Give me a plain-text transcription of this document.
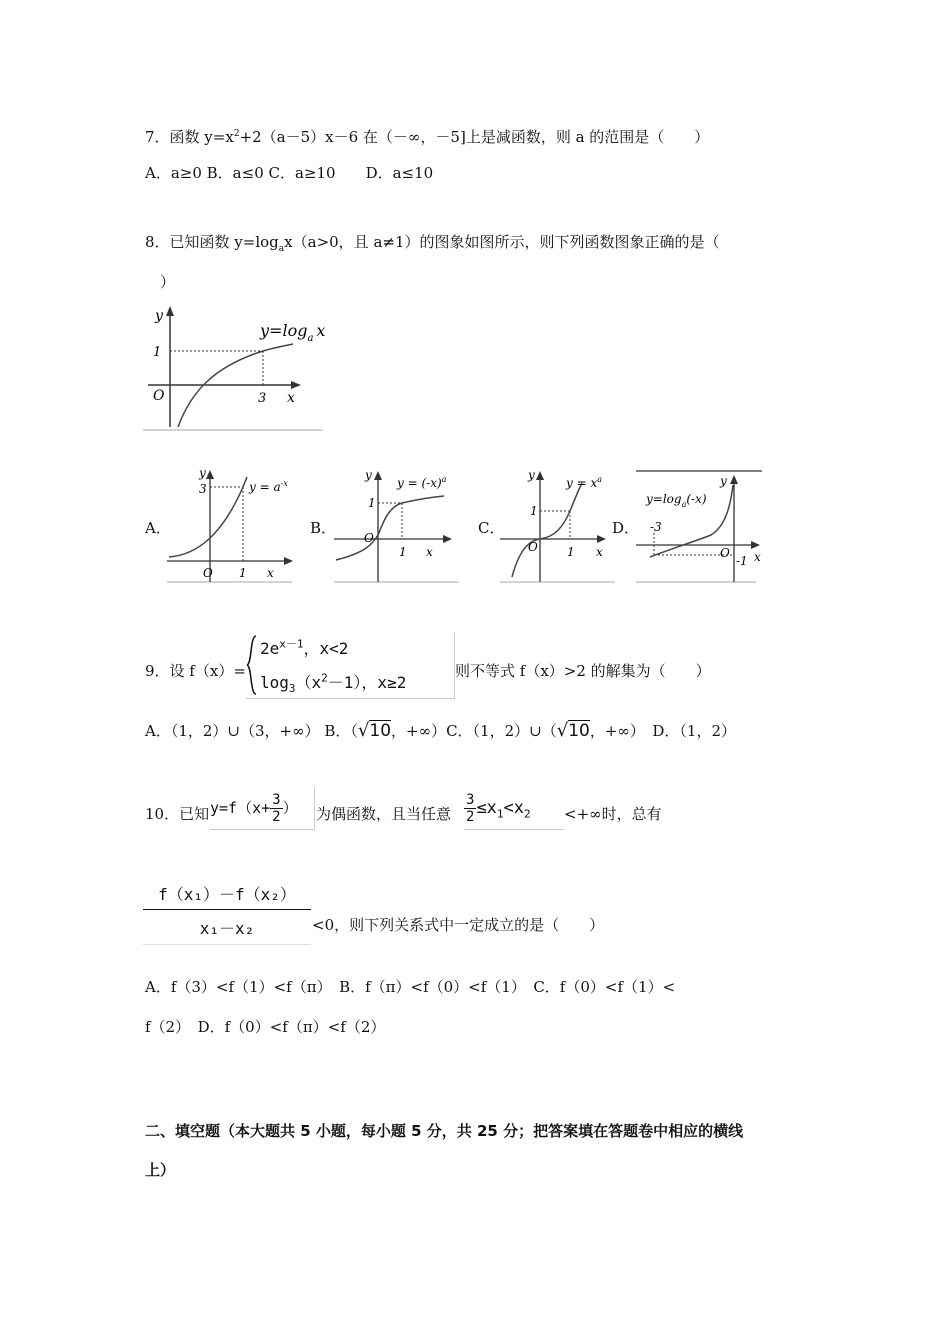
7．函数 $y=x^2+2(a-5)x-6$ 在（－∞，－5]上是减函数，则 a 的范围是（　　）
A．a≥0 B．a≤0 C．a≥10　　D．a≤10
8．已知函数 $y=\log_ax(a>0$，且 a≠1）的图象如图所示，则下列函数图象正确的是（
）
y
1
O	3 x
$y=\log_a$ x
A．
y
3
O 1 x
$y = a^{-x}$
B．
y
1
O
1 x
$y = (-x)^a$
C．
y
1
O 1 x
$y = x^a$
D．
y
-3
-1
O x
$y=\log_a(-x)$
9．设 f（x）=
$2e^{x-1}$，x<2
$\log_3(x^2-1)$，x≥2
则不等式 f（x）>2 的解集为（　　）
A．（1，2）∪（3，+∞） B．（√10，+∞）C．（1，2）∪（√10，+∞）　D．（1，2）
10．已知 $y=f(x+ \frac{3}{2}$ ）	为偶函数，且当任意 $\frac{3}{2} \le x_1<x_2$	<+∞时，总有
$\frac{\text{f（x₁）－f（x₂）}}{\text{x₁－x₂}} <0$，则下列关系式中一定成立的是（　　）
A．f（3）<f（1）<f（π）　B．f（π）<f（0）<f（1）　C．f（0）<f（1）<
f（2）　D．f（0）<f（π）<f（2）
二、填空题（本大题共 5 小题，每小题 5 分，共 25 分；把答案填在答题卷中相应的横线
上）
